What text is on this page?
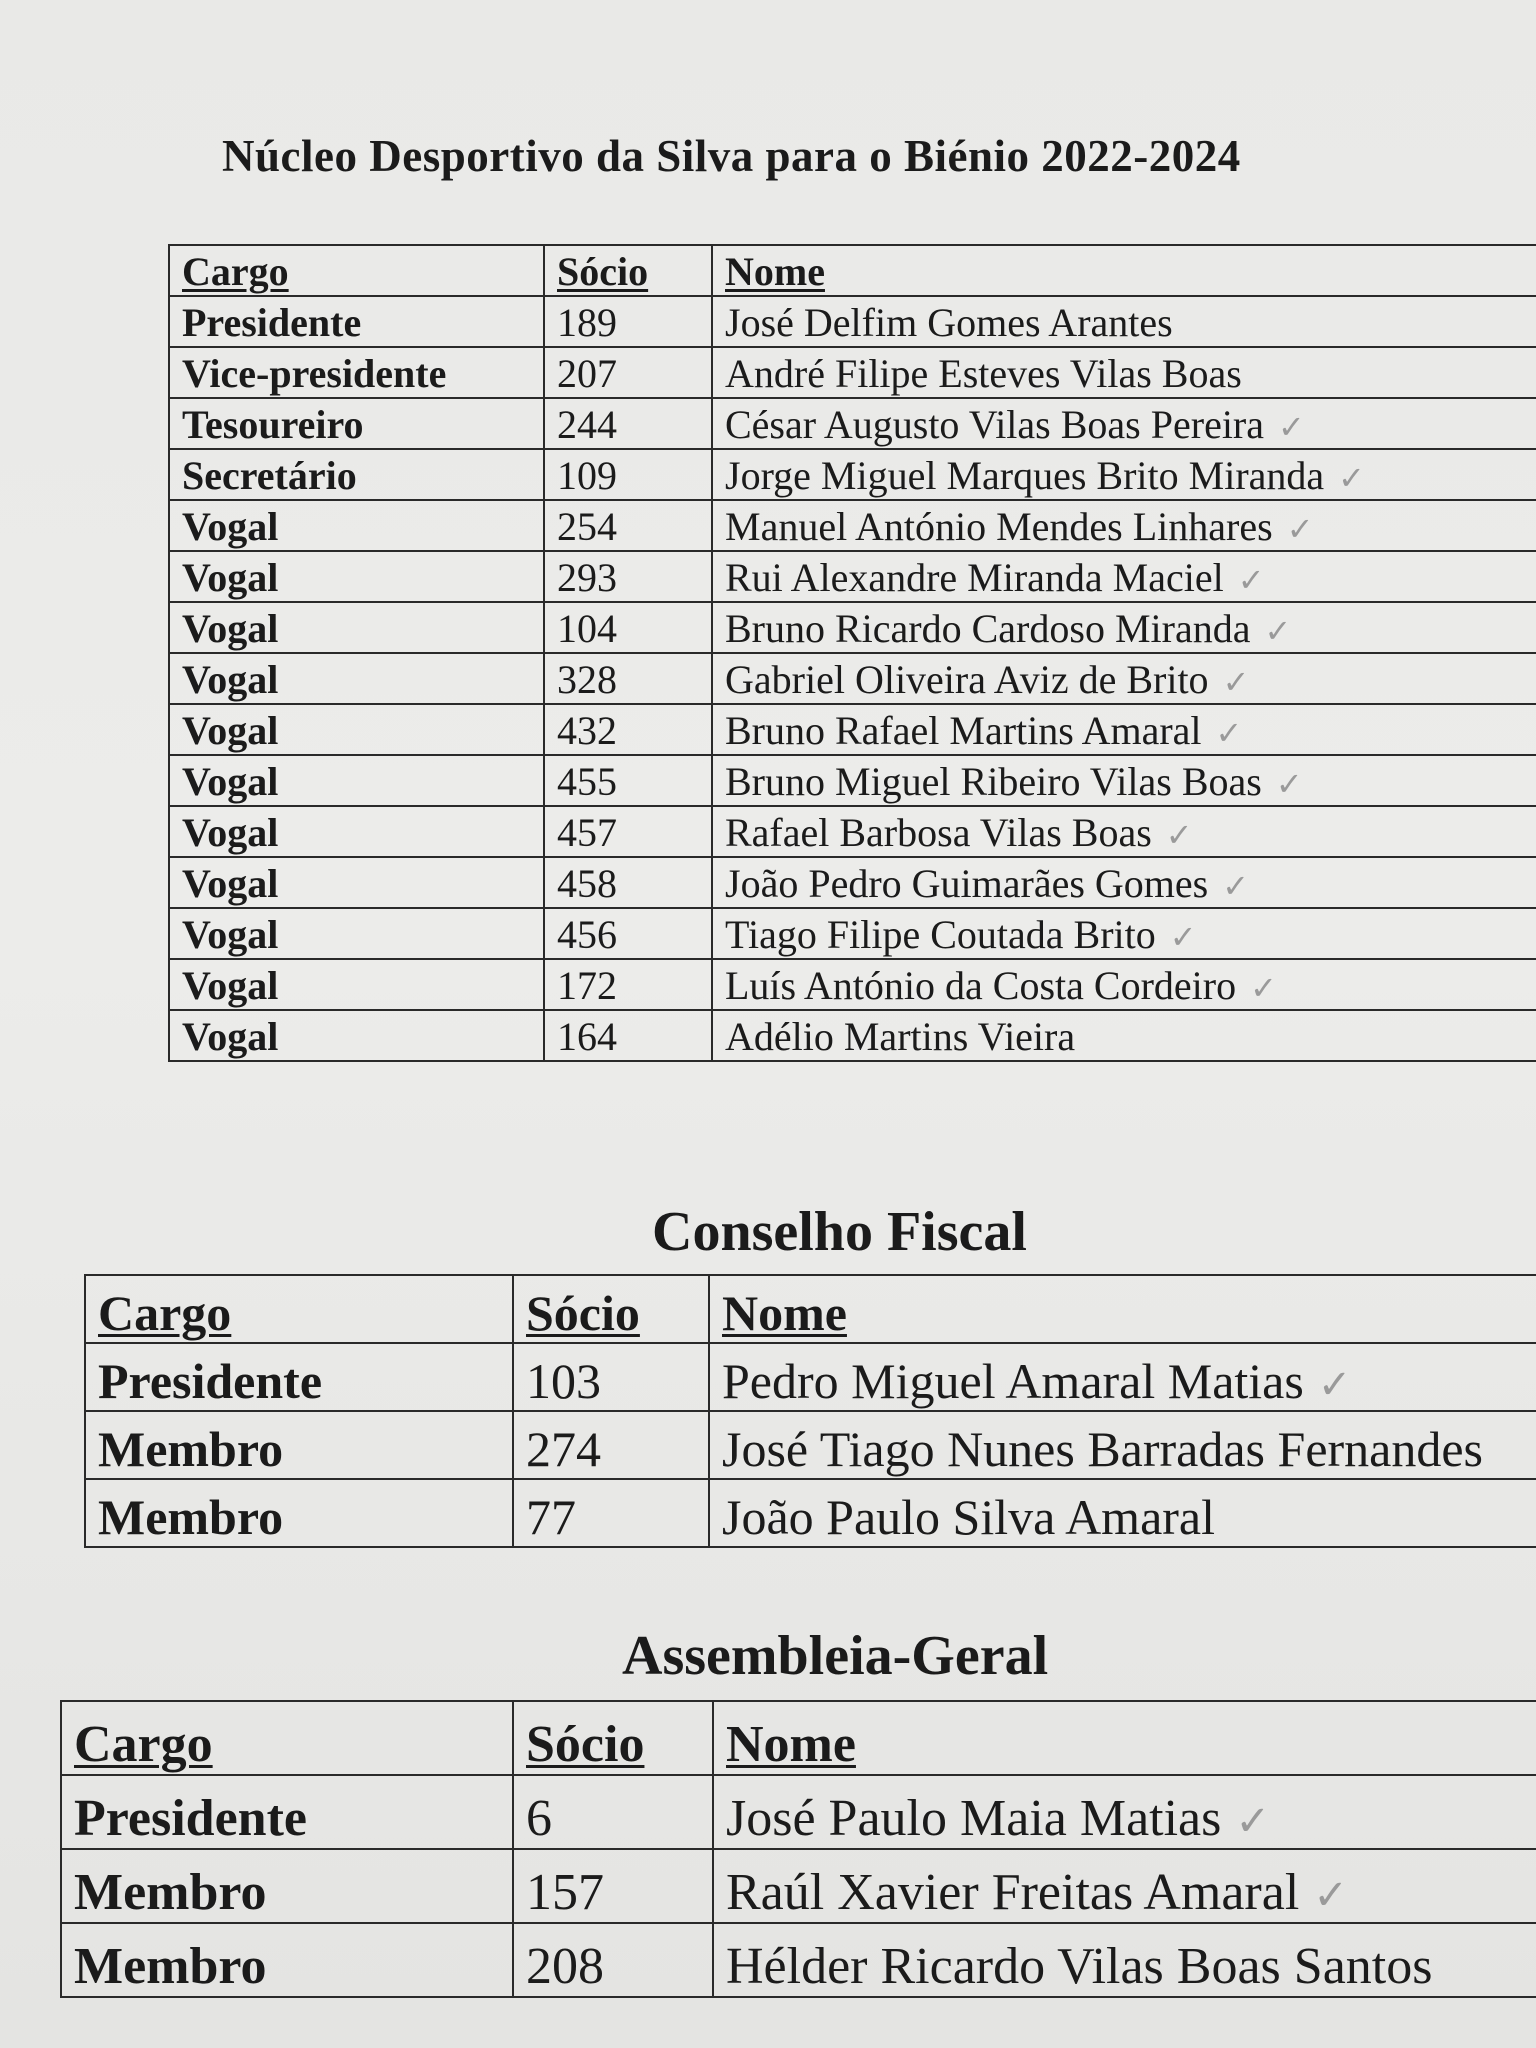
Núcleo Desportivo da Silva para o Biénio 2022-2024
Cargo	Sócio	Nome
Presidente	189	José Delfim Gomes Arantes
Vice-presidente	207	André Filipe Esteves Vilas Boas
Tesoureiro	244	César Augusto Vilas Boas Pereira ✓
Secretário	109	Jorge Miguel Marques Brito Miranda ✓
Vogal	254	Manuel António Mendes Linhares ✓
Vogal	293	Rui Alexandre Miranda Maciel ✓
Vogal	104	Bruno Ricardo Cardoso Miranda ✓
Vogal	328	Gabriel Oliveira Aviz de Brito ✓
Vogal	432	Bruno Rafael Martins Amaral ✓
Vogal	455	Bruno Miguel Ribeiro Vilas Boas ✓
Vogal	457	Rafael Barbosa Vilas Boas ✓
Vogal	458	João Pedro Guimarães Gomes ✓
Vogal	456	Tiago Filipe Coutada Brito ✓
Vogal	172	Luís António da Costa Cordeiro ✓
Vogal	164	Adélio Martins Vieira
Conselho Fiscal
Cargo	Sócio	Nome
Presidente	103	Pedro Miguel Amaral Matias ✓
Membro	274	José Tiago Nunes Barradas Fernandes
Membro	77	João Paulo Silva Amaral
Assembleia-Geral
Cargo	Sócio	Nome
Presidente	6	José Paulo Maia Matias ✓
Membro	157	Raúl Xavier Freitas Amaral ✓
Membro	208	Hélder Ricardo Vilas Boas Santos
